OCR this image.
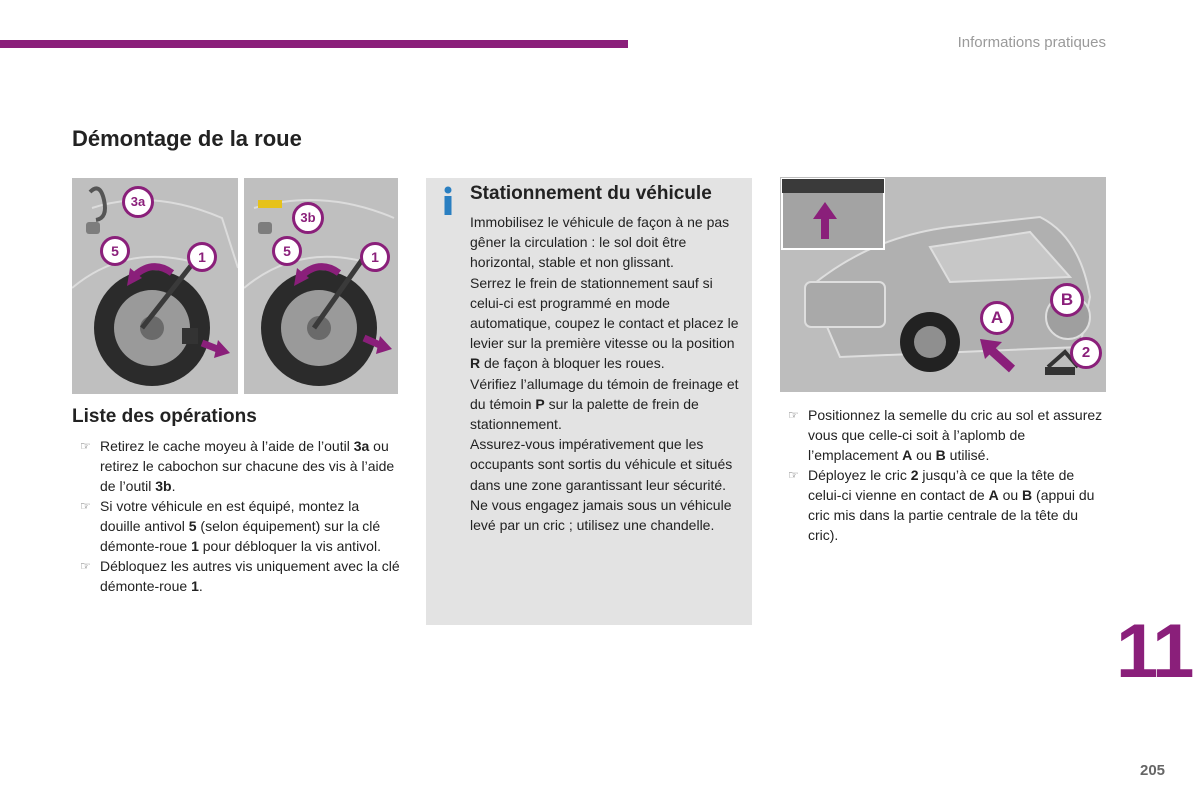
Informations pratiques
Démontage de la roue
3a
5	1
3b
5	1
Liste des opérations
☞ Retirez le cache moyeu à l’aide de l’outil 3a ou retirez le cabochon sur chacune des vis à l’aide de l’outil 3b.
☞ Si votre véhicule en est équipé, montez la douille antivol 5 (selon équipement) sur la clé démonte-roue 1 pour débloquer la vis antivol.
☞ Débloquez les autres vis uniquement avec la clé démonte-roue 1.
Stationnement du véhicule

Immobilisez le véhicule de façon à ne pas gêner la circulation : le sol doit être horizontal, stable et non glissant.

Serrez le frein de stationnement sauf si celui-ci est programmé en mode automatique, coupez le contact et placez le levier sur la première vitesse ou la position R de façon à bloquer les roues.

Vérifiez l’allumage du témoin de freinage et du témoin P sur la palette de frein de stationnement.

Assurez-vous impérativement que les occupants sont sortis du véhicule et situés dans une zone garantissant leur sécurité.

Ne vous engagez jamais sous un véhicule levé par un cric ; utilisez une chandelle.

A
B
2
☞ Positionnez la semelle du cric au sol et assurez vous que celle-ci soit à l’aplomb de l’emplacement A ou B utilisé.
☞ Déployez le cric 2 jusqu’à ce que la tête de celui-ci vienne en contact de A ou B (appui du cric mis dans la partie centrale de la tête du cric).
11
205
